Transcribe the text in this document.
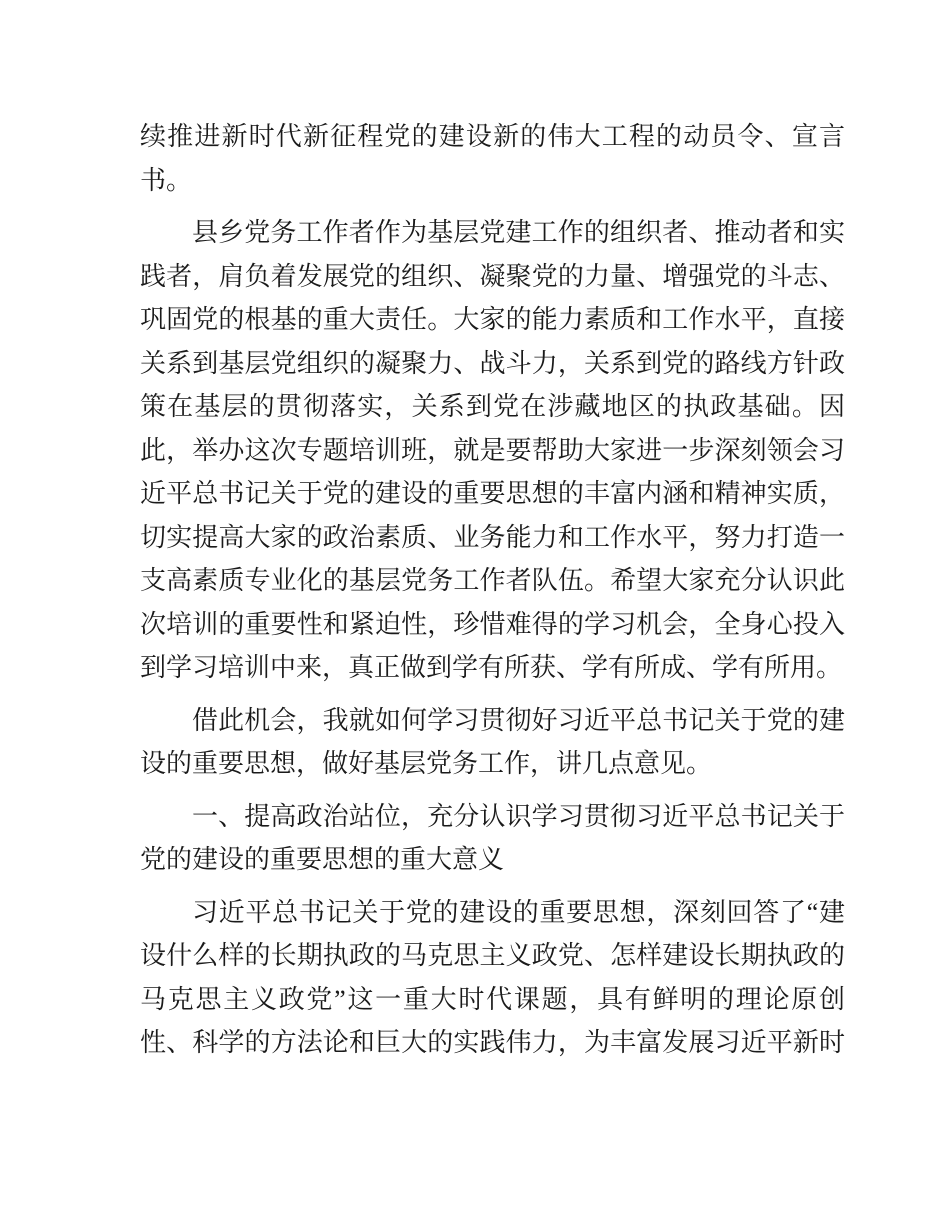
续推进新时代新征程党的建设新的伟大工程的动员令、宣言
书。
县乡党务工作者作为基层党建工作的组织者、推动者和实
践者，肩负着发展党的组织、凝聚党的力量、增强党的斗志、
巩固党的根基的重大责任。大家的能力素质和工作水平，直接
关系到基层党组织的凝聚力、战斗力，关系到党的路线方针政
策在基层的贯彻落实，关系到党在涉藏地区的执政基础。因
此，举办这次专题培训班，就是要帮助大家进一步深刻领会习
近平总书记关于党的建设的重要思想的丰富内涵和精神实质，
切实提高大家的政治素质、业务能力和工作水平，努力打造一
支高素质专业化的基层党务工作者队伍。希望大家充分认识此
次培训的重要性和紧迫性，珍惜难得的学习机会，全身心投入
到学习培训中来，真正做到学有所获、学有所成、学有所用。
借此机会，我就如何学习贯彻好习近平总书记关于党的建
设的重要思想，做好基层党务工作，讲几点意见。
一、提高政治站位，充分认识学习贯彻习近平总书记关于
党的建设的重要思想的重大意义
习近平总书记关于党的建设的重要思想，深刻回答了“建
设什么样的长期执政的马克思主义政党、怎样建设长期执政的
马克思主义政党”这一重大时代课题，具有鲜明的理论原创
性、科学的方法论和巨大的实践伟力，为丰富发展习近平新时
